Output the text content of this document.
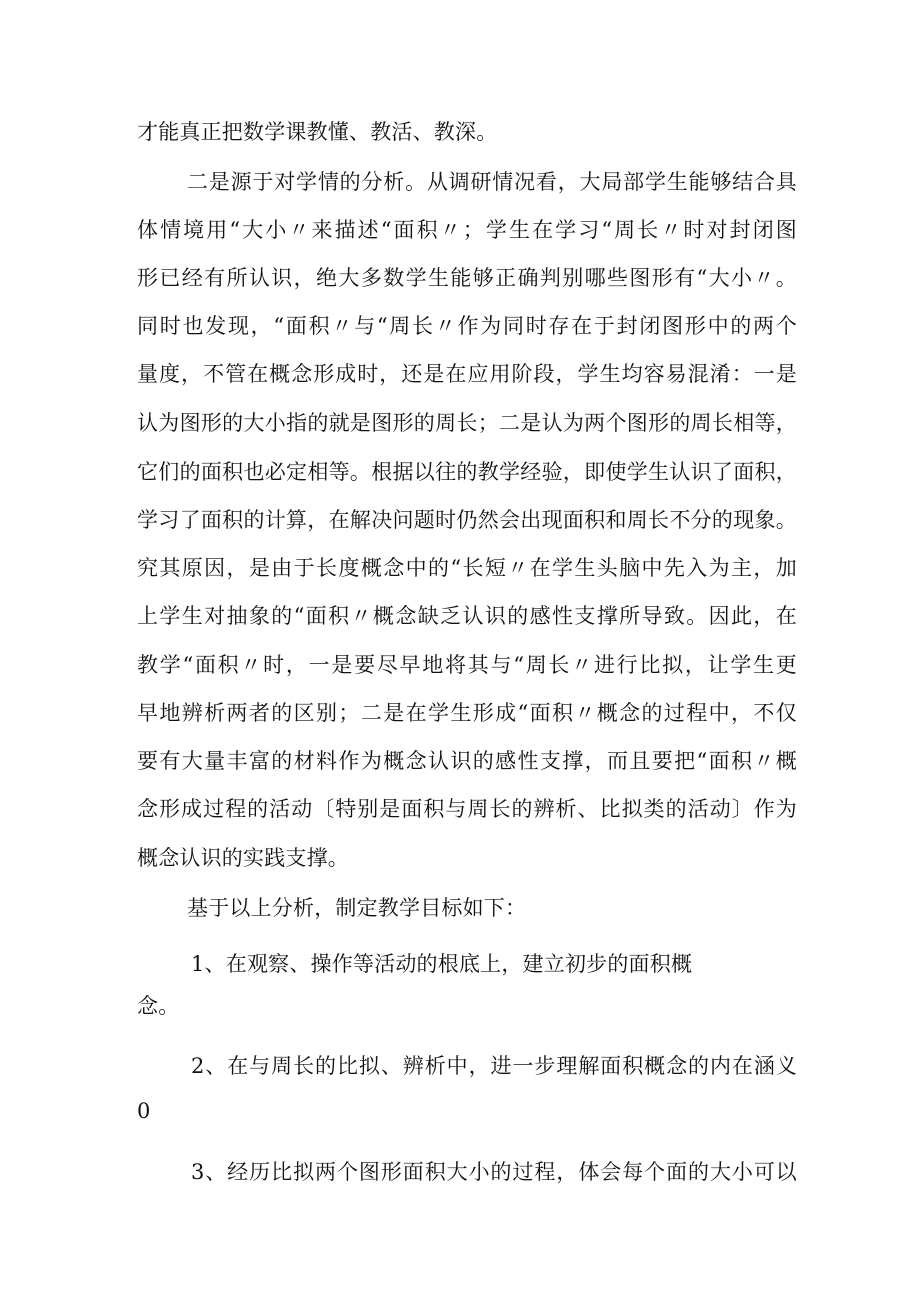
才能真正把数学课教懂、教活、教深。
二是源于对学情的分析。从调研情况看，大局部学生能够结合具
体情境用“大小〃来描述“面积〃；学生在学习“周长〃时对封闭图
形已经有所认识，绝大多数学生能够正确判别哪些图形有“大小〃。
同时也发现，“面积〃与“周长〃作为同时存在于封闭图形中的两个
量度，不管在概念形成时，还是在应用阶段，学生均容易混淆：一是
认为图形的大小指的就是图形的周长；二是认为两个图形的周长相等，
它们的面积也必定相等。根据以往的教学经验，即使学生认识了面积，
学习了面积的计算，在解决问题时仍然会出现面积和周长不分的现象。
究其原因，是由于长度概念中的“长短〃在学生头脑中先入为主，加
上学生对抽象的“面积〃概念缺乏认识的感性支撑所导致。因此，在
教学“面积〃时，一是要尽早地将其与“周长〃进行比拟，让学生更
早地辨析两者的区别；二是在学生形成“面积〃概念的过程中，不仅
要有大量丰富的材料作为概念认识的感性支撑，而且要把“面积〃概
念形成过程的活动〔特别是面积与周长的辨析、比拟类的活动〕作为
概念认识的实践支撑。
基于以上分析，制定教学目标如下：
1、在观察、操作等活动的根底上，建立初步的面积概
念。
2、在与周长的比拟、辨析中，进一步理解面积概念的内在涵义
0
3、经历比拟两个图形面积大小的过程，体会每个面的大小可以
